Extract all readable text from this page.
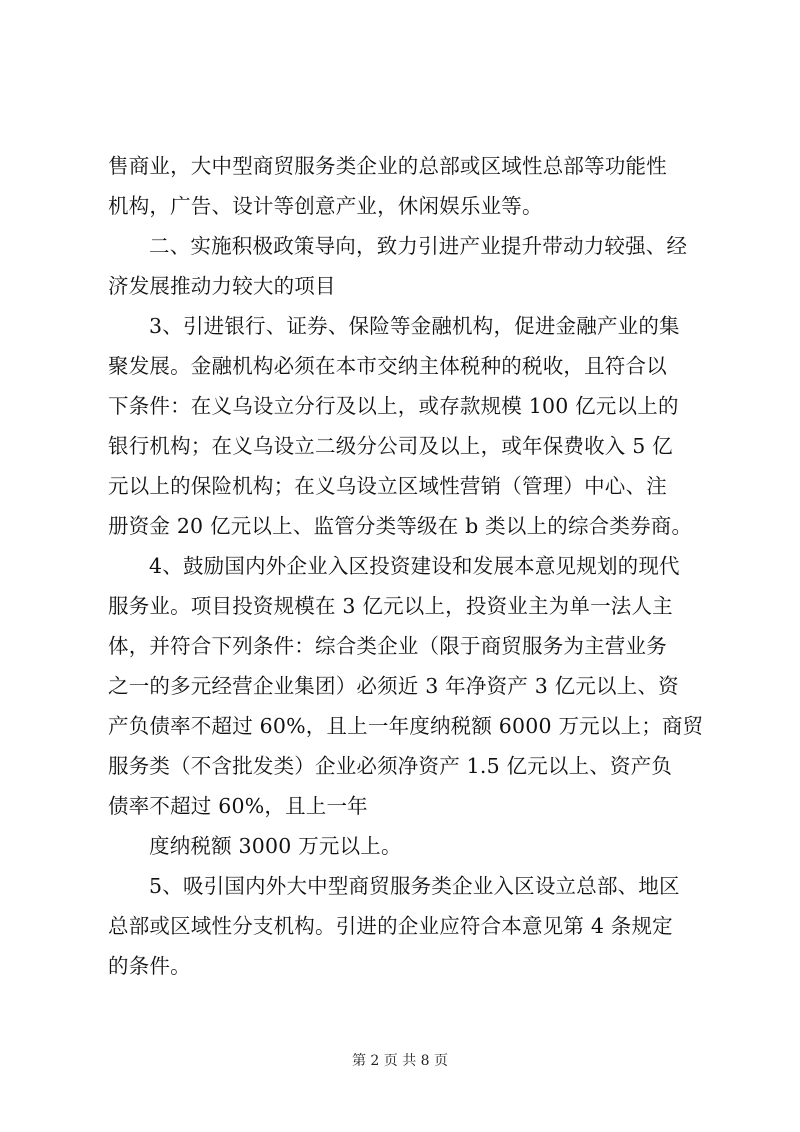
售商业，大中型商贸服务类企业的总部或区域性总部等功能性
机构，广告、设计等创意产业，休闲娱乐业等。
二、实施积极政策导向，致力引进产业提升带动力较强、经
济发展推动力较大的项目
3、引进银行、证券、保险等金融机构，促进金融产业的集
聚发展。金融机构必须在本市交纳主体税种的税收，且符合以
下条件：在义乌设立分行及以上，或存款规模 100 亿元以上的
银行机构；在义乌设立二级分公司及以上，或年保费收入 5 亿
元以上的保险机构；在义乌设立区域性营销（管理）中心、注
册资金 20 亿元以上、监管分类等级在 b 类以上的综合类券商。
4、鼓励国内外企业入区投资建设和发展本意见规划的现代
服务业。项目投资规模在 3 亿元以上，投资业主为单一法人主
体，并符合下列条件：综合类企业（限于商贸服务为主营业务
之一的多元经营企业集团）必须近 3 年净资产 3 亿元以上、资
产负债率不超过 60%，且上一年度纳税额 6000 万元以上；商贸
服务类（不含批发类）企业必须净资产 1.5 亿元以上、资产负
债率不超过 60%，且上一年
度纳税额 3000 万元以上。
5、吸引国内外大中型商贸服务类企业入区设立总部、地区
总部或区域性分支机构。引进的企业应符合本意见第 4 条规定
的条件。
第 2 页 共 8 页
